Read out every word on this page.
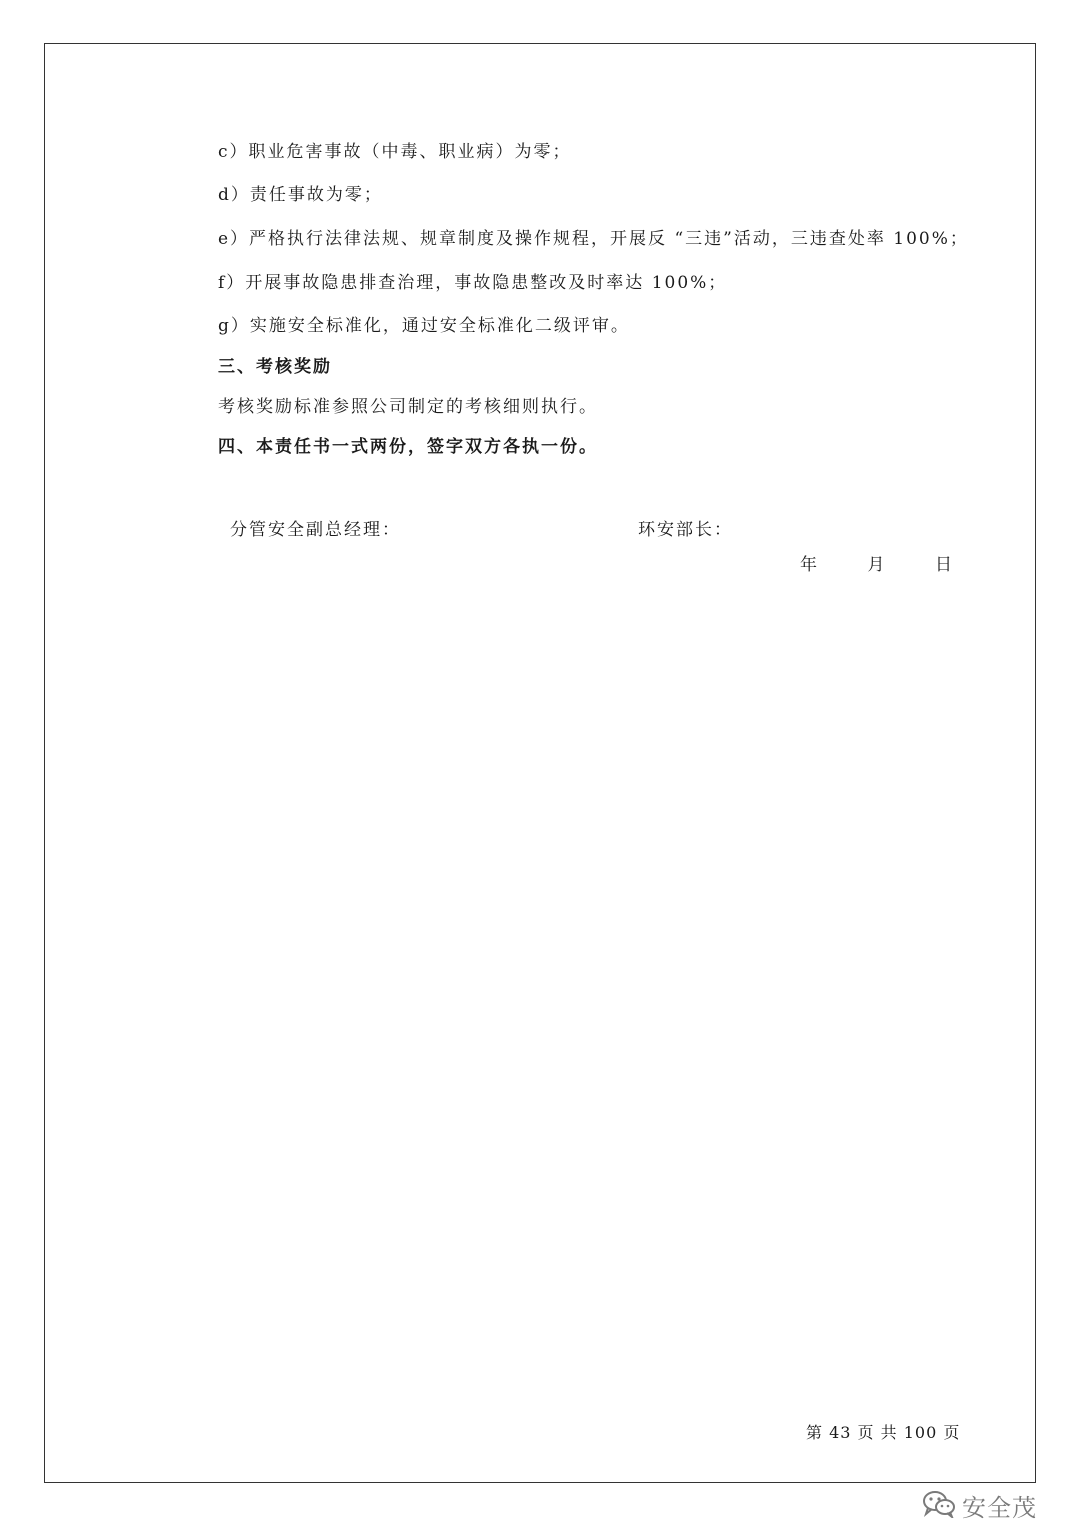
c）职业危害事故（中毒、职业病）为零；
d）责任事故为零；
e）严格执行法律法规、规章制度及操作规程，开展反 “三违”活动，三违查处率 100%；
f）开展事故隐患排查治理，事故隐患整改及时率达 100%；
g）实施安全标准化，通过安全标准化二级评审。
三、考核奖励
考核奖励标准参照公司制定的考核细则执行。
四、本责任书一式两份，签字双方各执一份。
分管安全副总经理：	环安部长：
年	月	日
第 43 页 共 100 页
安全茂
